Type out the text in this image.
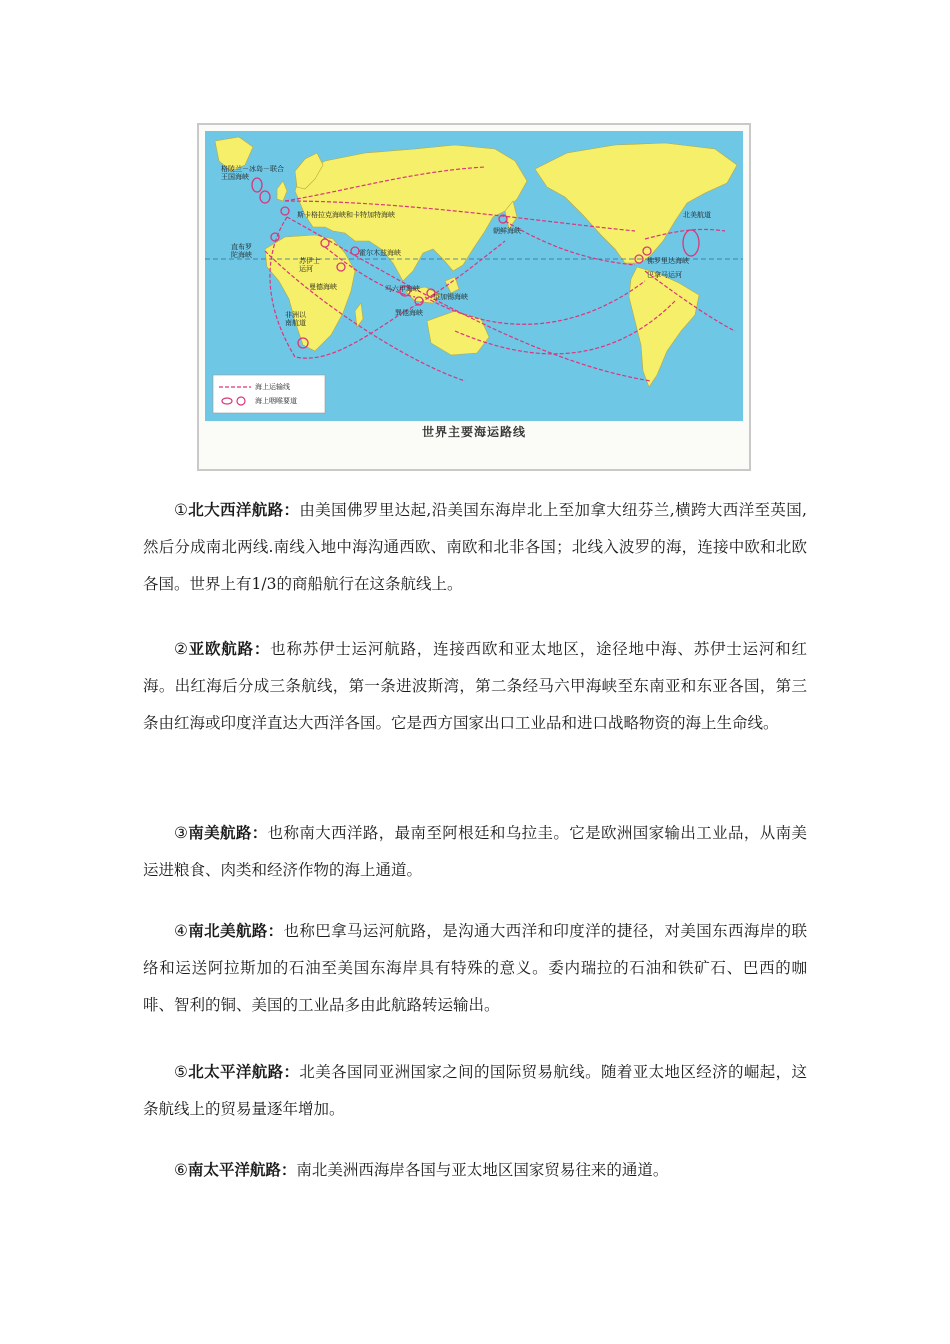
格陵兰－冰岛－联合
王国海峡
斯卡格拉克海峡和卡特加特海峡
直布罗
陀海峡
苏伊士
运河
霍尔木兹海峡
曼德海峡	马六甲海峡
朝鲜海峡
望加锡海峡
巽他海峡
非洲以
南航道
北美航道
佛罗里达海峡
巴拿马运河
海上运输线
海上咽喉要道
世界主要海运路线

①北大西洋航路：由美国佛罗里达起,沿美国东海岸北上至加拿大纽芬兰,横跨大西洋至英国,然后分成南北两线.南线入地中海沟通西欧、南欧和北非各国；北线入波罗的海，连接中欧和北欧各国。世界上有1/3的商船航行在这条航线上。

②亚欧航路：也称苏伊士运河航路，连接西欧和亚太地区，途径地中海、苏伊士运河和红海。出红海后分成三条航线，第一条进波斯湾，第二条经马六甲海峡至东南亚和东亚各国，第三条由红海或印度洋直达大西洋各国。它是西方国家出口工业品和进口战略物资的海上生命线。

③南美航路：也称南大西洋路，最南至阿根廷和乌拉圭。它是欧洲国家输出工业品，从南美运进粮食、肉类和经济作物的海上通道。

④南北美航路：也称巴拿马运河航路，是沟通大西洋和印度洋的捷径，对美国东西海岸的联络和运送阿拉斯加的石油至美国东海岸具有特殊的意义。委内瑞拉的石油和铁矿石、巴西的咖啡、智利的铜、美国的工业品多由此航路转运输出。

⑤北太平洋航路：北美各国同亚洲国家之间的国际贸易航线。随着亚太地区经济的崛起，这条航线上的贸易量逐年增加。

⑥南太平洋航路：南北美洲西海岸各国与亚太地区国家贸易往来的通道。
